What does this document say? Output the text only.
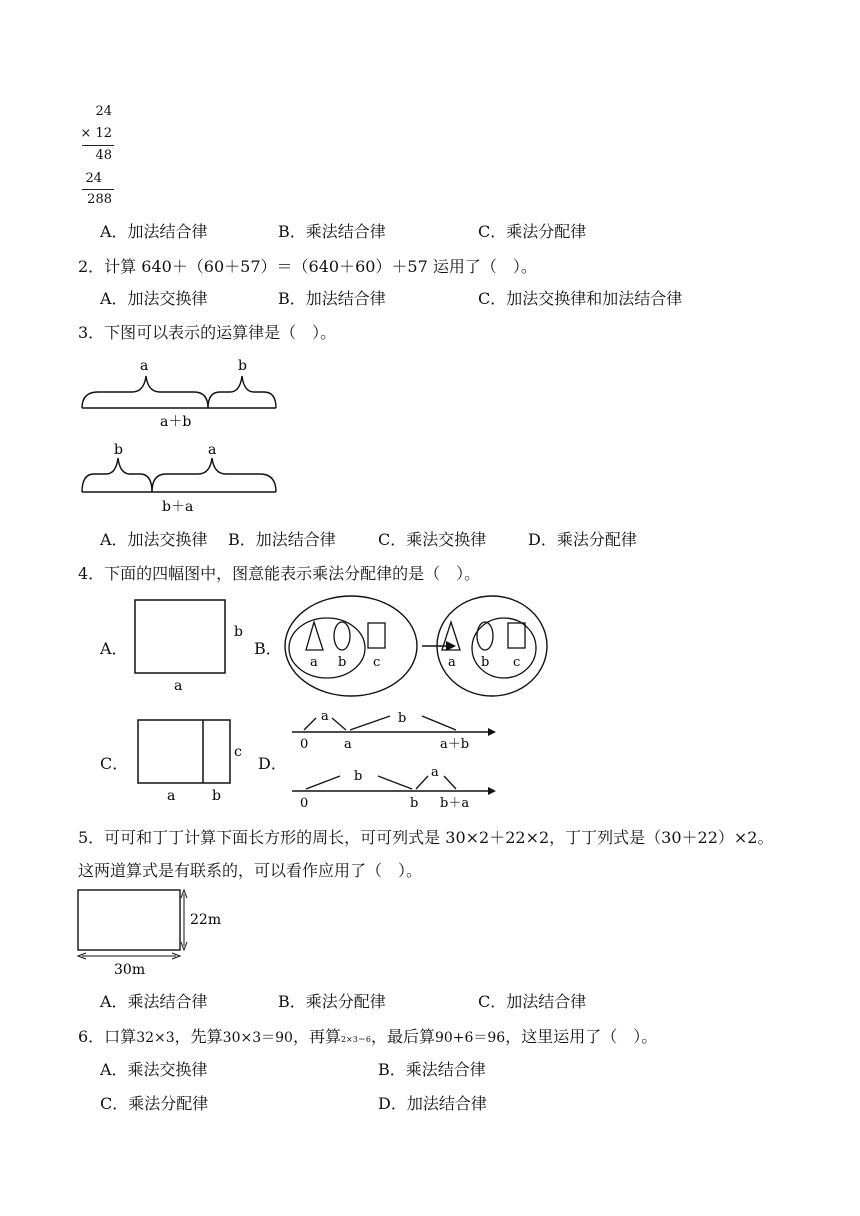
24
× 12
48
24
288
A．加法结合律	B．乘法结合律	C．乘法分配律
2．计算 640＋（60＋57）＝（640＋60）＋57 运用了（　）。
A．加法交换律	B．加法结合律	C．加法交换律和加法结合律
3．下图可以表示的运算律是（　）。
a	b
a＋b
b	a
b＋a
A．加法交换律 B．加法结合律	C．乘法交换律	D．乘法分配律
4．下面的四幅图中，图意能表示乘法分配律的是（　）。
A．
b
a
B．
a b c	a b c
C．
c
a	b
D．
a	b
0	a	a＋b
b	a
0	b b＋a
5．可可和丁丁计算下面长方形的周长，可可列式是 30×2＋22×2，丁丁列式是（30＋22）×2。
这两道算式是有联系的，可以看作应用了（　）。
22m
30m
A．乘法结合律	B．乘法分配律	C．加法结合律
6．口算32×3，先算30×3＝90，再算2×3＝6，最后算90+6＝96，这里运用了（　）。
A．乘法交换律	B．乘法结合律
C．乘法分配律	D．加法结合律
